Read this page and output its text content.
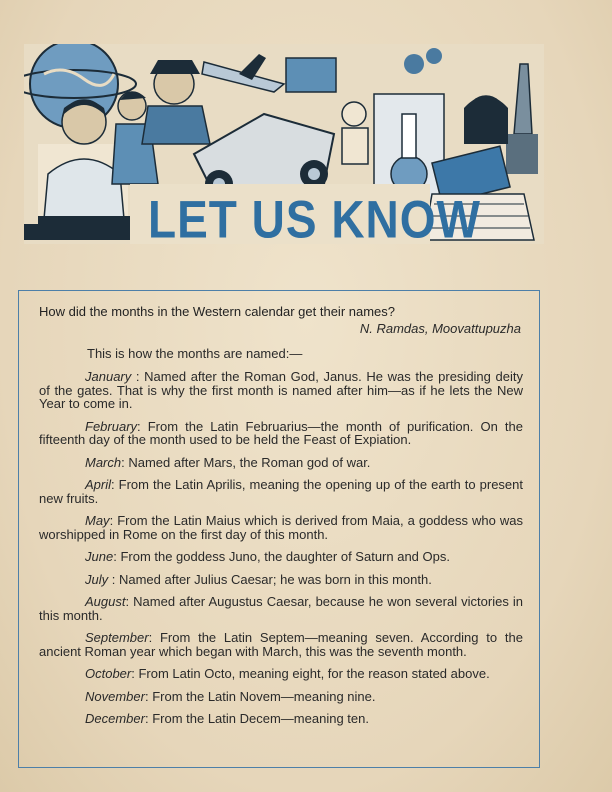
LET US KNOW

How did the months in the Western calendar get their names?

N. Ramdas, Moovattupuzha

This is how the months are named:—

January : Named after the Roman God, Janus. He was the presiding deity of the gates. That is why the first month is named after him—as if he lets the New Year to come in.

February: From the Latin Februarius—the month of purification. On the fifteenth day of the month used to be held the Feast of Expiation.

March: Named after Mars, the Roman god of war.

April: From the Latin Aprilis, meaning the opening up of the earth to present new fruits.

May: From the Latin Maius which is derived from Maia, a goddess who was worshipped in Rome on the first day of this month.

June: From the goddess Juno, the daughter of Saturn and Ops.

July : Named after Julius Caesar; he was born in this month.

August: Named after Augustus Caesar, because he won several victories in this month.

September: From the Latin Septem—meaning seven. According to the ancient Roman year which began with March, this was the seventh month.

October: From Latin Octo, meaning eight, for the reason stated above.

November: From the Latin Novem—meaning nine.

December: From the Latin Decem—meaning ten.
